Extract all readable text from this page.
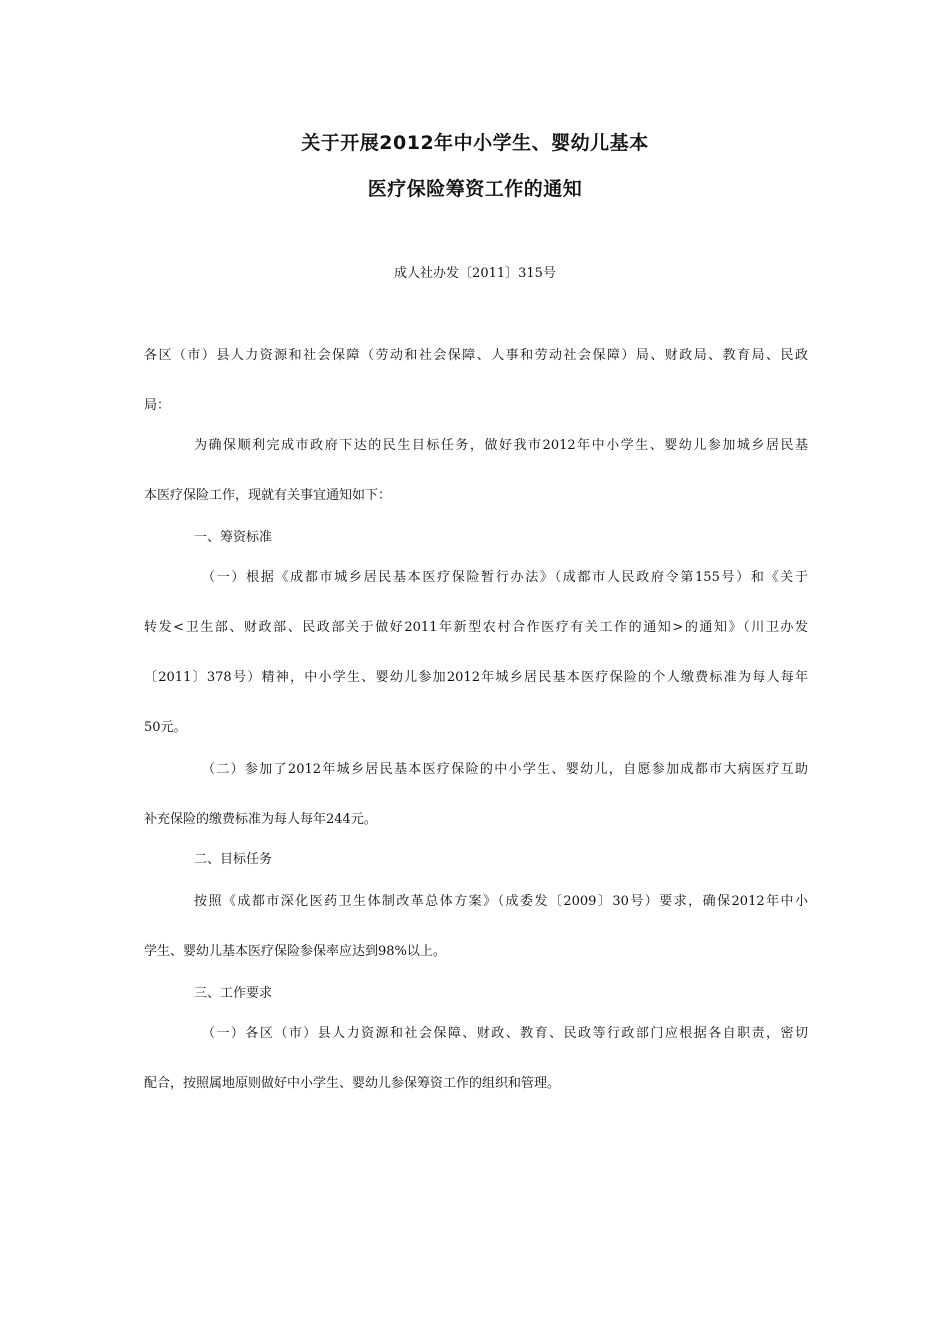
关于开展2012年中小学生、婴幼儿基本
医疗保险筹资工作的通知
成人社办发〔2011〕315号
各区（市）县人力资源和社会保障（劳动和社会保障、人事和劳动社会保障）局、财政局、教育局、民政
局：
为确保顺利完成市政府下达的民生目标任务，做好我市2012年中小学生、婴幼儿参加城乡居民基
本医疗保险工作，现就有关事宜通知如下：
一、筹资标准
（一）根据《成都市城乡居民基本医疗保险暂行办法》（成都市人民政府令第155号）和《关于
转发<卫生部、财政部、民政部关于做好2011年新型农村合作医疗有关工作的通知>的通知》（川卫办发
〔2011〕378号）精神，中小学生、婴幼儿参加2012年城乡居民基本医疗保险的个人缴费标准为每人每年
50元。
（二）参加了2012年城乡居民基本医疗保险的中小学生、婴幼儿，自愿参加成都市大病医疗互助
补充保险的缴费标准为每人每年244元。
二、目标任务
按照《成都市深化医药卫生体制改革总体方案》（成委发〔2009〕30号）要求，确保2012年中小
学生、婴幼儿基本医疗保险参保率应达到98%以上。
三、工作要求
（一）各区（市）县人力资源和社会保障、财政、教育、民政等行政部门应根据各自职责，密切
配合，按照属地原则做好中小学生、婴幼儿参保筹资工作的组织和管理。
